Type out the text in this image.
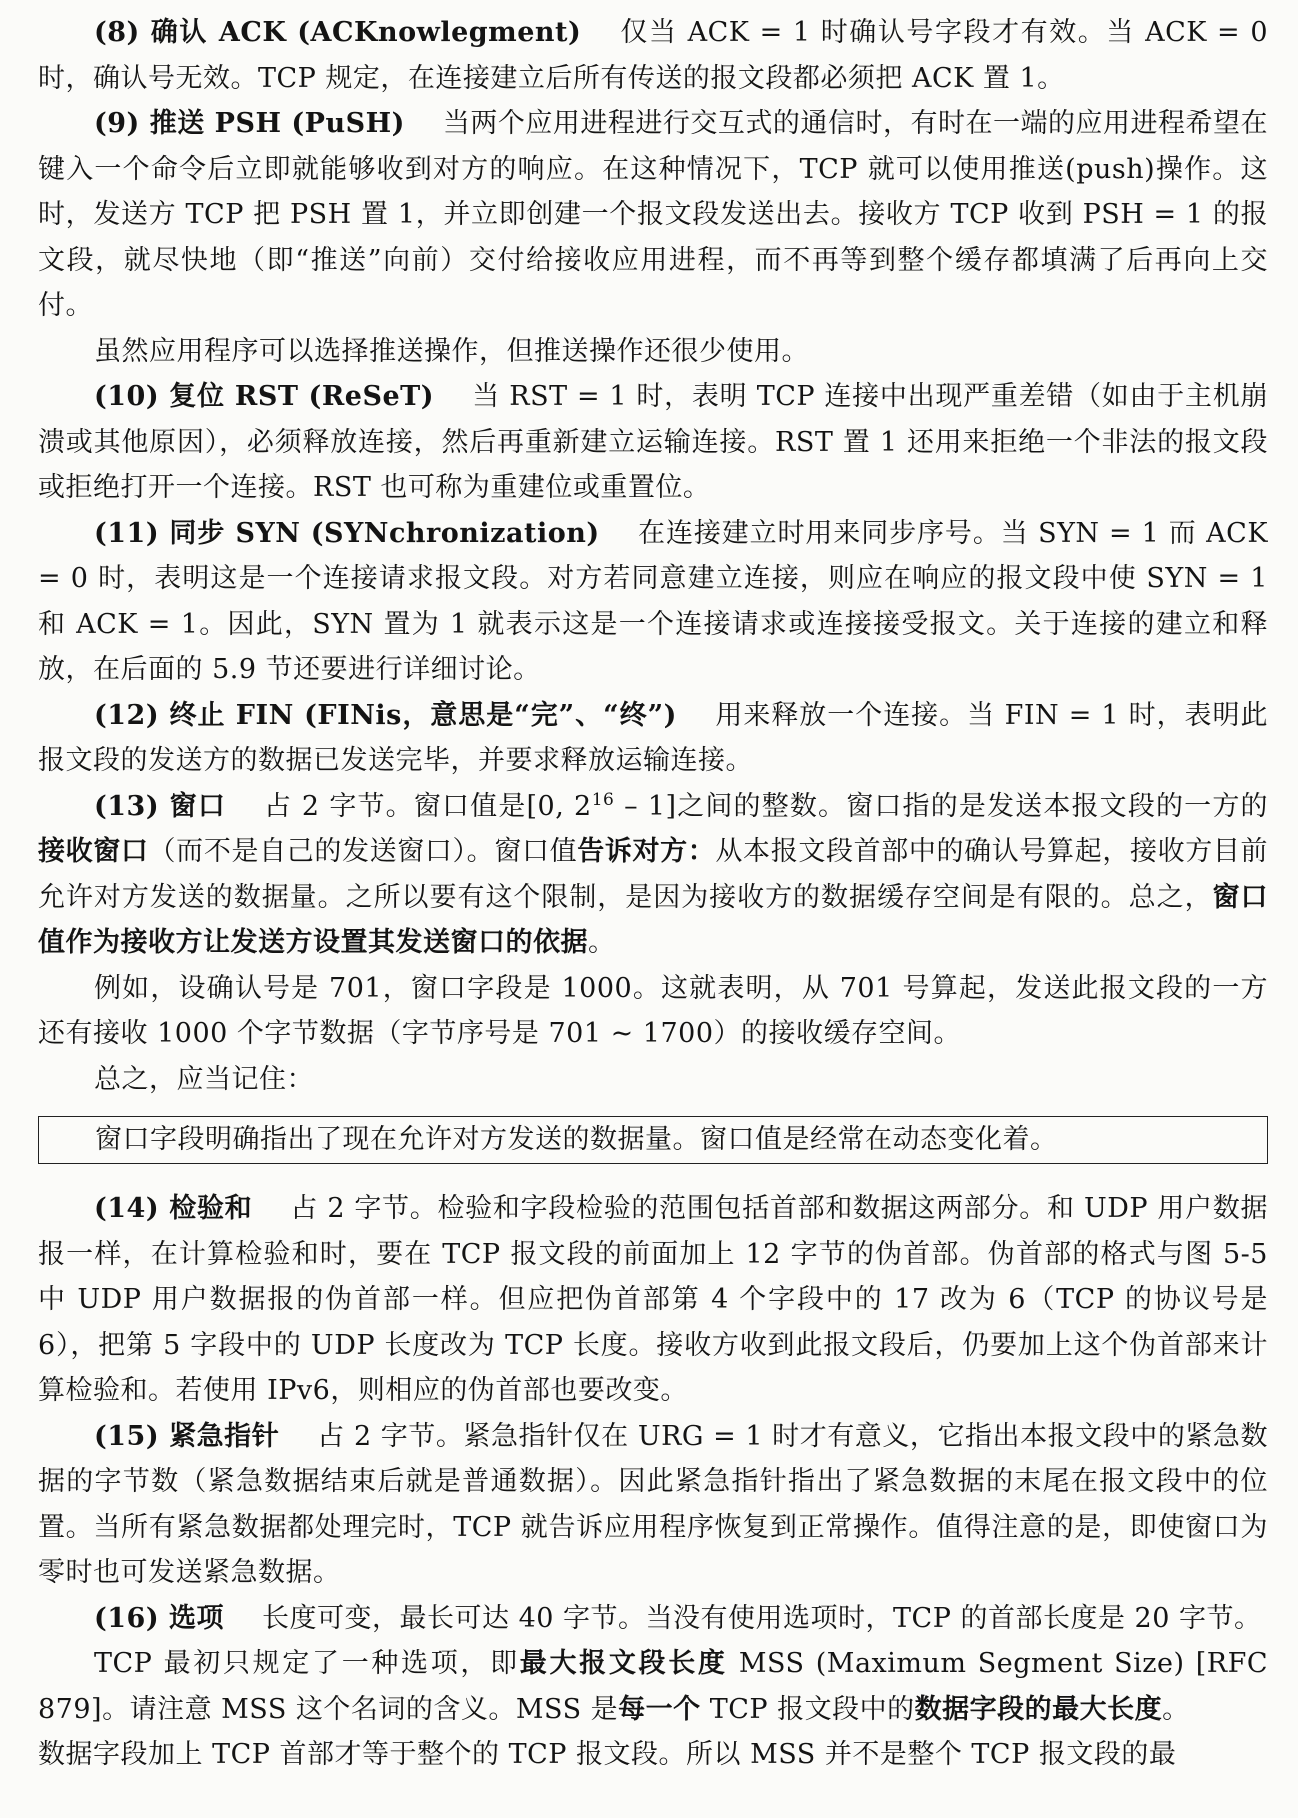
(8) 确认 ACK (ACKnowlegment) 仅当 ACK = 1 时确认号字段才有效。当 ACK = 0 时，确认号无效。TCP 规定，在连接建立后所有传送的报文段都必须把 ACK 置 1。

(9) 推送 PSH (PuSH) 当两个应用进程进行交互式的通信时，有时在一端的应用进程希望在键入一个命令后立即就能够收到对方的响应。在这种情况下，TCP 就可以使用推送(push)操作。这时，发送方 TCP 把 PSH 置 1，并立即创建一个报文段发送出去。接收方 TCP 收到 PSH = 1 的报文段，就尽快地（即“推送”向前）交付给接收应用进程，而不再等到整个缓存都填满了后再向上交付。

虽然应用程序可以选择推送操作，但推送操作还很少使用。

(10) 复位 RST (ReSeT) 当 RST = 1 时，表明 TCP 连接中出现严重差错（如由于主机崩溃或其他原因），必须释放连接，然后再重新建立运输连接。RST 置 1 还用来拒绝一个非法的报文段或拒绝打开一个连接。RST 也可称为重建位或重置位。

(11) 同步 SYN (SYNchronization) 在连接建立时用来同步序号。当 SYN = 1 而 ACK = 0 时，表明这是一个连接请求报文段。对方若同意建立连接，则应在响应的报文段中使 SYN = 1 和 ACK = 1。因此，SYN 置为 1 就表示这是一个连接请求或连接接受报文。关于连接的建立和释放，在后面的 5.9 节还要进行详细讨论。

(12) 终止 FIN (FINis，意思是“完”、“终”) 用来释放一个连接。当 FIN = 1 时，表明此报文段的发送方的数据已发送完毕，并要求释放运输连接。

(13) 窗口 占 2 字节。窗口值是[0, $2^{16} - 1$]之间的整数。窗口指的是发送本报文段的一方的接收窗口（而不是自己的发送窗口）。窗口值告诉对方：从本报文段首部中的确认号算起，接收方目前允许对方发送的数据量。之所以要有这个限制，是因为接收方的数据缓存空间是有限的。总之，窗口值作为接收方让发送方设置其发送窗口的依据。

例如，设确认号是 701，窗口字段是 1000。这就表明，从 701 号算起，发送此报文段的一方还有接收 1000 个字节数据（字节序号是 701 ~ 1700）的接收缓存空间。

总之，应当记住：

窗口字段明确指出了现在允许对方发送的数据量。窗口值是经常在动态变化着。

(14) 检验和 占 2 字节。检验和字段检验的范围包括首部和数据这两部分。和 UDP 用户数据报一样，在计算检验和时，要在 TCP 报文段的前面加上 12 字节的伪首部。伪首部的格式与图 5-5 中 UDP 用户数据报的伪首部一样。但应把伪首部第 4 个字段中的 17 改为 6（TCP 的协议号是 6），把第 5 字段中的 UDP 长度改为 TCP 长度。接收方收到此报文段后，仍要加上这个伪首部来计算检验和。若使用 IPv6，则相应的伪首部也要改变。

(15) 紧急指针 占 2 字节。紧急指针仅在 URG = 1 时才有意义，它指出本报文段中的紧急数据的字节数（紧急数据结束后就是普通数据）。因此紧急指针指出了紧急数据的末尾在报文段中的位置。当所有紧急数据都处理完时，TCP 就告诉应用程序恢复到正常操作。值得注意的是，即使窗口为零时也可发送紧急数据。

(16) 选项 长度可变，最长可达 40 字节。当没有使用选项时，TCP 的首部长度是 20 字节。

TCP 最初只规定了一种选项，即最大报文段长度 MSS (Maximum Segment Size) [RFC 879]。请注意 MSS 这个名词的含义。MSS 是每一个 TCP 报文段中的数据字段的最大长度。

数据字段加上 TCP 首部才等于整个的 TCP 报文段。所以 MSS 并不是整个 TCP 报文段的最
